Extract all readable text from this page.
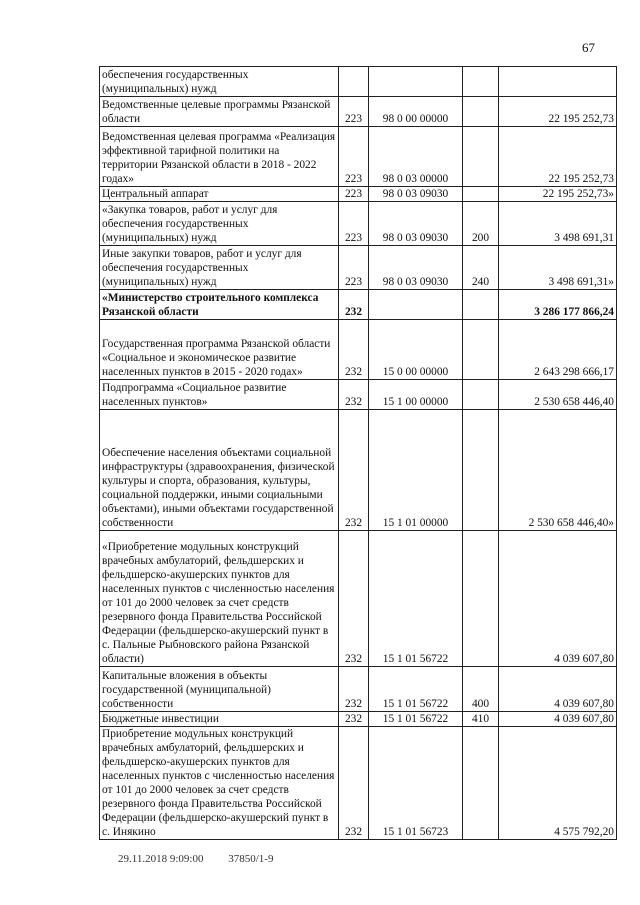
67
обеспечения государственных (муниципальных) нужд				
Ведомственные целевые программы Рязанской области	223	98 0 00 00000		22 195 252,73
Ведомственная целевая программа «Реализация эффективной тарифной политики на территории Рязанской области в 2018 - 2022 годах»	223	98 0 03 00000		22 195 252,73
Центральный аппарат	223	98 0 03 09030		22 195 252,73»
«Закупка товаров, работ и услуг для обеспечения государственных (муниципальных) нужд	223	98 0 03 09030	200	3 498 691,31
Иные закупки товаров, работ и услуг для обеспечения государственных (муниципальных) нужд	223	98 0 03 09030	240	3 498 691,31»
«Министерство строительного комплекса Рязанской области	232			3 286 177 866,24
Государственная программа Рязанской области «Социальное и экономическое развитие населенных пунктов в 2015 - 2020 годах»	232	15 0 00 00000		2 643 298 666,17
Подпрограмма «Социальное развитие населенных пунктов»	232	15 1 00 00000		2 530 658 446,40
Обеспечение населения объектами социальной инфраструктуры (здравоохранения, физической культуры и спорта, образования, культуры, социальной поддержки, иными социальными объектами), иными объектами государственной собственности	232	15 1 01 00000		2 530 658 446,40»
«Приобретение модульных конструкций врачебных амбулаторий, фельдшерских и фельдшерско-акушерских пунктов для населенных пунктов с численностью населения от 101 до 2000 человек за счет средств резервного фонда Правительства Российской Федерации (фельдшерско-акушерский пункт в с. Пальные Рыбновского района Рязанской области)	232	15 1 01 56722		4 039 607,80
Капитальные вложения в объекты государственной (муниципальной) собственности	232	15 1 01 56722	400	4 039 607,80
Бюджетные инвестиции	232	15 1 01 56722	410	4 039 607,80
Приобретение модульных конструкций врачебных амбулаторий, фельдшерских и фельдшерско-акушерских пунктов для населенных пунктов с численностью населения от 101 до 2000 человек за счет средств резервного фонда Правительства Российской Федерации (фельдшерско-акушерский пункт в с. Инякино	232	15 1 01 56723		4 575 792,20
29.11.2018 9:09:00 37850/1-9
